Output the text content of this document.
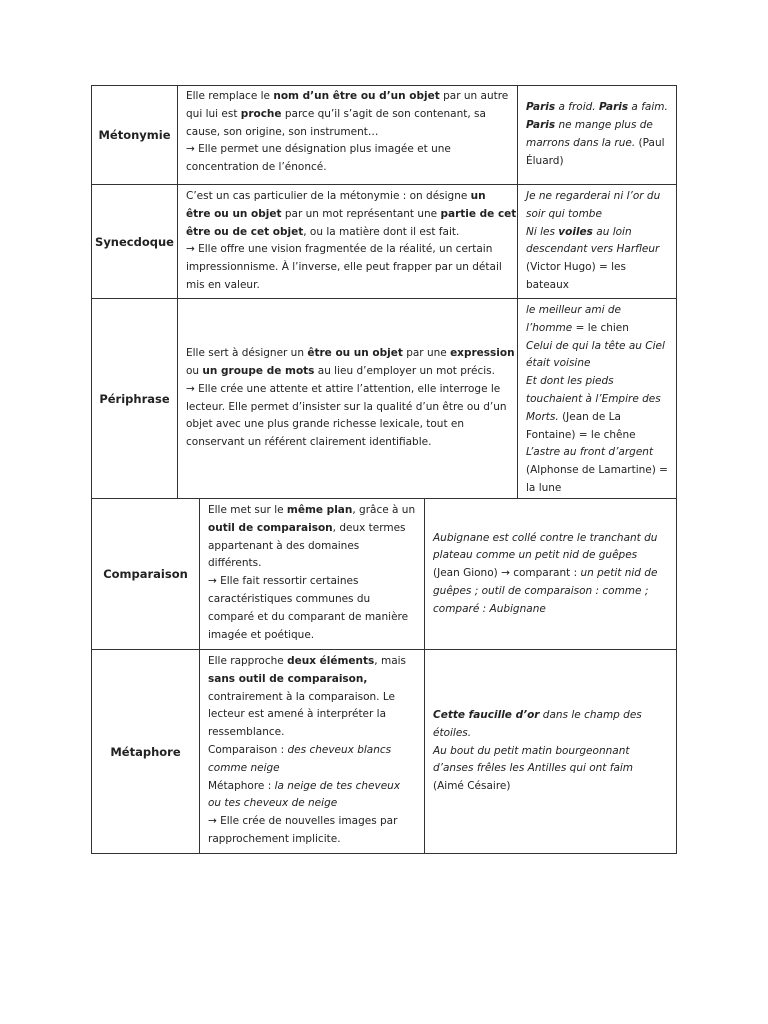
Métonymie
Elle remplace le nom d’un être ou d’un objet par un autre
qui lui est proche parce qu’il s’agit de son contenant, sa
cause, son origine, son instrument…
→ Elle permet une désignation plus imagée et une
concentration de l’énoncé.
Paris a froid. Paris a faim.
Paris ne mange plus de
marrons dans la rue. (Paul
Éluard)
Synecdoque
C’est un cas particulier de la métonymie : on désigne un
être ou un objet par un mot représentant une partie de cet
être ou de cet objet, ou la matière dont il est fait.
→ Elle offre une vision fragmentée de la réalité, un certain
impressionnisme. À l’inverse, elle peut frapper par un détail
mis en valeur.
Je ne regarderai ni l’or du
soir qui tombe
Ni les voiles au loin
descendant vers Harfleur
(Victor Hugo) = les
bateaux
Périphrase
Elle sert à désigner un être ou un objet par une expression
ou un groupe de mots au lieu d’employer un mot précis.
→ Elle crée une attente et attire l’attention, elle interroge le
lecteur. Elle permet d’insister sur la qualité d’un être ou d’un
objet avec une plus grande richesse lexicale, tout en
conservant un référent clairement identifiable.
le meilleur ami de
l’homme = le chien
Celui de qui la tête au Ciel
était voisine
Et dont les pieds
touchaient à l’Empire des
Morts. (Jean de La
Fontaine) = le chêne
L’astre au front d’argent
(Alphonse de Lamartine) =
la lune
Comparaison
Elle met sur le même plan, grâce à un
outil de comparaison, deux termes
appartenant à des domaines
différents.
→ Elle fait ressortir certaines
caractéristiques communes du
comparé et du comparant de manière
imagée et poétique.
Aubignane est collé contre le tranchant du
plateau comme un petit nid de guêpes
(Jean Giono) → comparant : un petit nid de
guêpes ; outil de comparaison : comme ;
comparé : Aubignane
Métaphore
Elle rapproche deux éléments, mais
sans outil de comparaison,
contrairement à la comparaison. Le
lecteur est amené à interpréter la
ressemblance.
Comparaison : des cheveux blancs
comme neige
Métaphore : la neige de tes cheveux
ou tes cheveux de neige
→ Elle crée de nouvelles images par
rapprochement implicite.
Cette faucille d’or dans le champ des
étoiles.
Au bout du petit matin bourgeonnant
d’anses frêles les Antilles qui ont faim
(Aimé Césaire)
